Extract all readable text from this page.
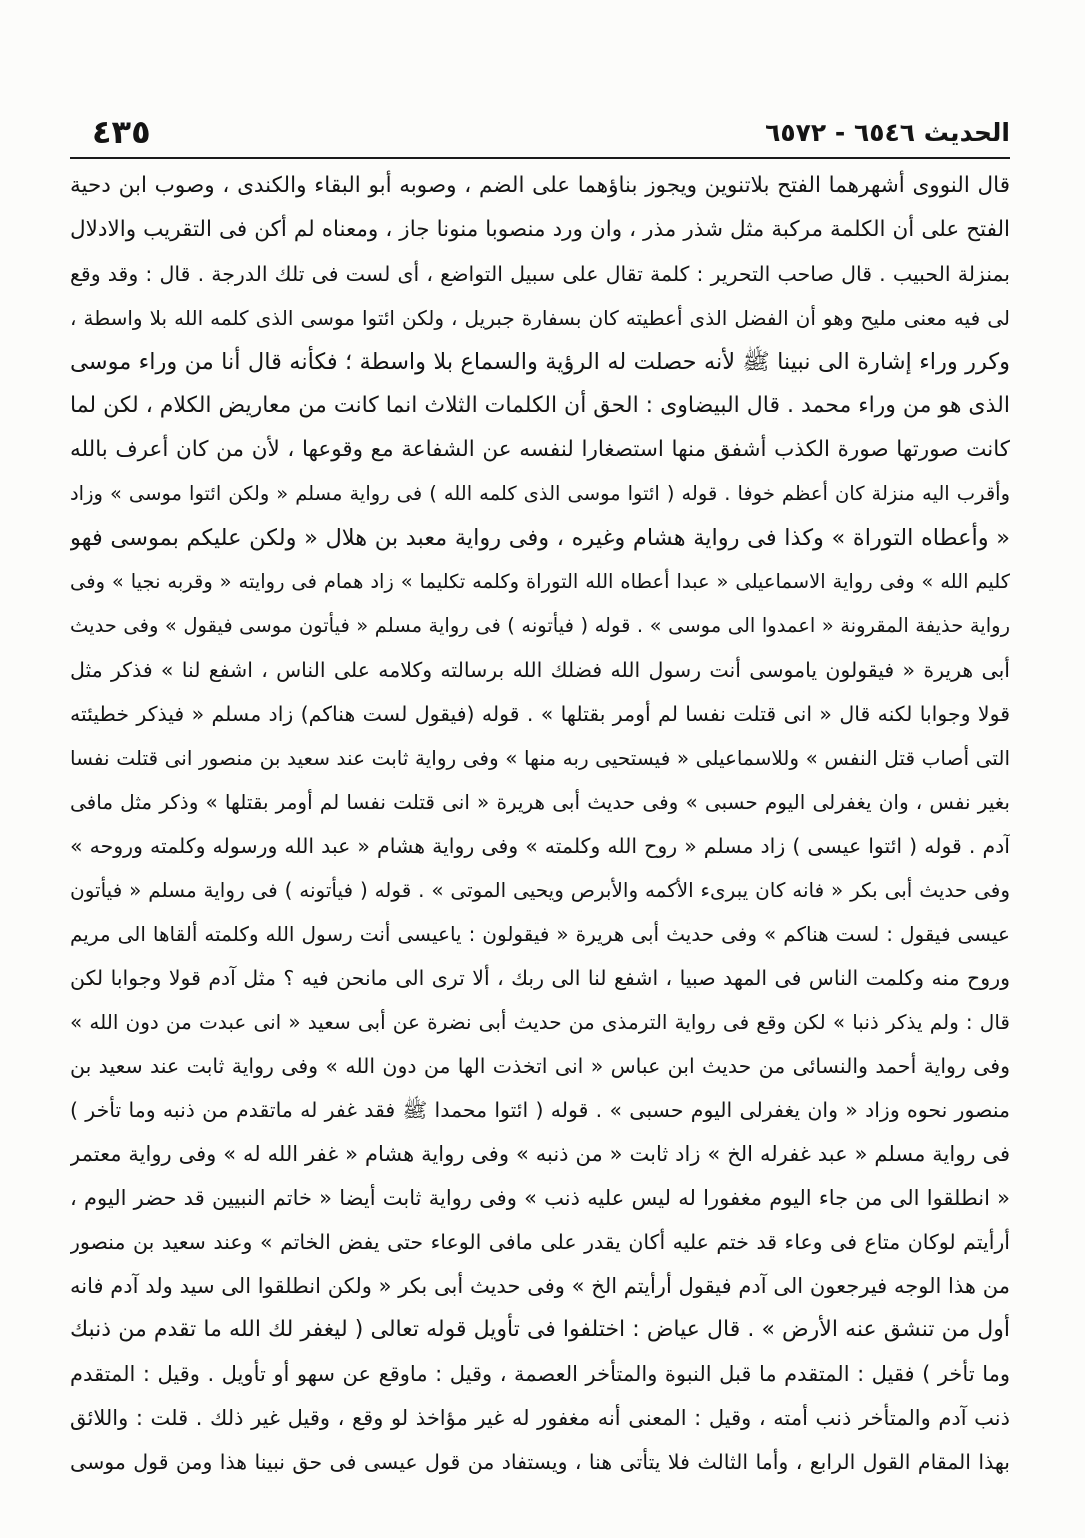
٤٣٥	الحديث ٦٥٤٦ - ٦٥٧٢
قال النووى أشهرهما الفتح بلاتنوين ويجوز بناؤهما على الضم ، وصوبه أبو البقاء والكندى ، وصوب ابن دحية
الفتح على أن الكلمة مركبة مثل شذر مذر ، وان ورد منصوبا منونا جاز ، ومعناه لم أكن فى التقريب والادلال
بمنزلة الحبيب . قال صاحب التحرير : كلمة تقال على سبيل التواضع ، أى لست فى تلك الدرجة . قال : وقد وقع
لى فيه معنى مليح وهو أن الفضل الذى أعطيته كان بسفارة جبريل ، ولكن ائتوا موسى الذى كلمه الله بلا واسطة ،
وكرر وراء إشارة الى نبينا ﷺ لأنه حصلت له الرؤية والسماع بلا واسطة ؛ فكأنه قال أنا من وراء موسى
الذى هو من وراء محمد . قال البيضاوى : الحق أن الكلمات الثلاث انما كانت من معاريض الكلام ، لكن لما
كانت صورتها صورة الكذب أشفق منها استصغارا لنفسه عن الشفاعة مع وقوعها ، لأن من كان أعرف بالله
وأقرب اليه منزلة كان أعظم خوفا . قوله ( ائتوا موسى الذى كلمه الله ) فى رواية مسلم « ولكن ائتوا موسى » وزاد
« وأعطاه التوراة » وكذا فى رواية هشام وغيره ، وفى رواية معبد بن هلال « ولكن عليكم بموسى فهو
كليم الله » وفى رواية الاسماعيلى « عبدا أعطاه الله التوراة وكلمه تكليما » زاد همام فى روايته « وقربه نجيا » وفى
رواية حذيفة المقرونة « اعمدوا الى موسى » . قوله ( فيأتونه ) فى رواية مسلم « فيأتون موسى فيقول » وفى حديث
أبى هريرة « فيقولون ياموسى أنت رسول الله فضلك الله برسالته وكلامه على الناس ، اشفع لنا » فذكر مثل
قولا وجوابا لكنه قال « انى قتلت نفسا لم أومر بقتلها » . قوله (فيقول لست هناكم) زاد مسلم « فيذكر خطيئته
التى أصاب قتل النفس » وللاسماعيلى « فيستحيى ربه منها » وفى رواية ثابت عند سعيد بن منصور انى قتلت نفسا
بغير نفس ، وان يغفرلى اليوم حسبى » وفى حديث أبى هريرة « انى قتلت نفسا لم أومر بقتلها » وذكر مثل مافى
آدم . قوله ( ائتوا عيسى ) زاد مسلم « روح الله وكلمته » وفى رواية هشام « عبد الله ورسوله وكلمته وروحه »
وفى حديث أبى بكر « فانه كان يبرىء الأكمه والأبرص ويحيى الموتى » . قوله ( فيأتونه ) فى رواية مسلم « فيأتون
عيسى فيقول : لست هناكم » وفى حديث أبى هريرة « فيقولون : ياعيسى أنت رسول الله وكلمته ألقاها الى مريم
وروح منه وكلمت الناس فى المهد صبيا ، اشفع لنا الى ربك ، ألا ترى الى مانحن فيه ؟ مثل آدم قولا وجوابا لكن
قال : ولم يذكر ذنبا » لكن وقع فى رواية الترمذى من حديث أبى نضرة عن أبى سعيد « انى عبدت من دون الله »
وفى رواية أحمد والنسائى من حديث ابن عباس « انى اتخذت الها من دون الله » وفى رواية ثابت عند سعيد بن
منصور نحوه وزاد « وان يغفرلى اليوم حسبى » . قوله ( ائتوا محمدا ﷺ فقد غفر له ماتقدم من ذنبه وما تأخر )
فى رواية مسلم « عبد غفرله الخ » زاد ثابت « من ذنبه » وفى رواية هشام « غفر الله له » وفى رواية معتمر
« انطلقوا الى من جاء اليوم مغفورا له ليس عليه ذنب » وفى رواية ثابت أيضا « خاتم النبيين قد حضر اليوم ،
أرأيتم لوكان متاع فى وعاء قد ختم عليه أكان يقدر على مافى الوعاء حتى يفض الخاتم » وعند سعيد بن منصور
من هذا الوجه فيرجعون الى آدم فيقول أرأيتم الخ » وفى حديث أبى بكر « ولكن انطلقوا الى سيد ولد آدم فانه
أول من تنشق عنه الأرض » . قال عياض : اختلفوا فى تأويل قوله تعالى ( ليغفر لك الله ما تقدم من ذنبك
وما تأخر ) فقيل : المتقدم ما قبل النبوة والمتأخر العصمة ، وقيل : ماوقع عن سهو أو تأويل . وقيل : المتقدم
ذنب آدم والمتأخر ذنب أمته ، وقيل : المعنى أنه مغفور له غير مؤاخذ لو وقع ، وقيل غير ذلك . قلت : واللائق
بهذا المقام القول الرابع ، وأما الثالث فلا يتأتى هنا ، ويستفاد من قول عيسى فى حق نبينا هذا ومن قول موسى
